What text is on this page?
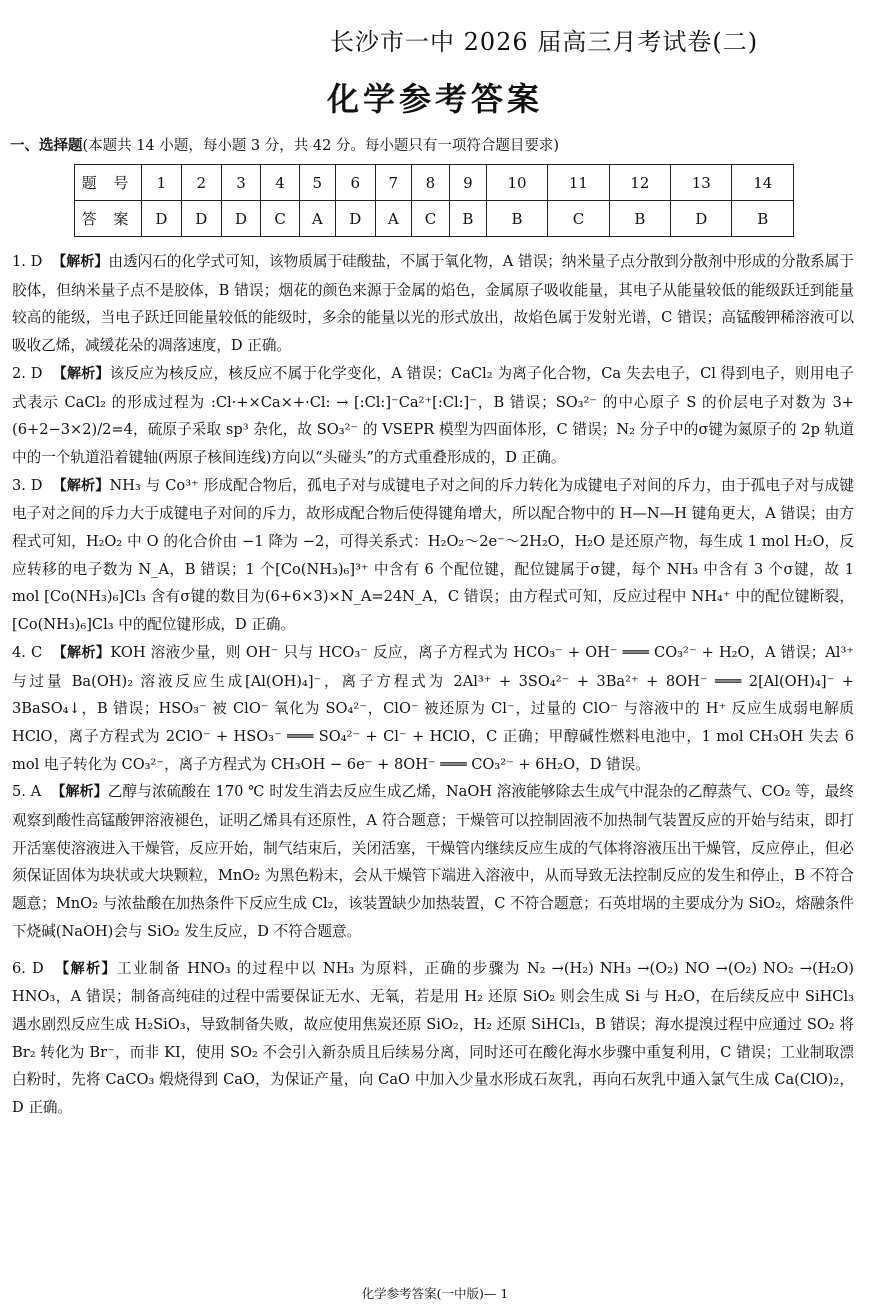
长沙市一中 2026 届高三月考试卷(二)
化学参考答案
一、选择题(本题共 14 小题，每小题 3 分，共 42 分。每小题只有一项符合题目要求)
题 号	1	2	3	4	5	6	7	8	9	10	11	12	13	14
答 案	D	D	D	C	A	D	A	C	B	B	C	B	D	B

1. D 【解析】由透闪石的化学式可知，该物质属于硅酸盐，不属于氧化物，A 错误；纳米量子点分散到分散剂中形成的分散系属于胶体，但纳米量子点不是胶体，B 错误；烟花的颜色来源于金属的焰色，金属原子吸收能量，其电子从能量较低的能级跃迁到能量较高的能级，当电子跃迁回能量较低的能级时，多余的能量以光的形式放出，故焰色属于发射光谱，C 错误；高锰酸钾稀溶液可以吸收乙烯，减缓花朵的凋落速度，D 正确。

2. D 【解析】该反应为核反应，核反应不属于化学变化，A 错误；CaCl₂ 为离子化合物，Ca 失去电子，Cl 得到电子，则用电子式表示 CaCl₂ 的形成过程为 :Cl·+×Ca×+·Cl: → [:Cl:]⁻Ca²⁺[:Cl:]⁻，B 错误；SO₃²⁻ 的中心原子 S 的价层电子对数为 3+(6+2−3×2)/2=4，硫原子采取 sp³ 杂化，故 SO₃²⁻ 的 VSEPR 模型为四面体形，C 错误；N₂ 分子中的σ键为氮原子的 2p 轨道中的一个轨道沿着键轴(两原子核间连线)方向以“头碰头”的方式重叠形成的，D 正确。

3. D 【解析】NH₃ 与 Co³⁺ 形成配合物后，孤电子对与成键电子对之间的斥力转化为成键电子对间的斥力，由于孤电子对与成键电子对之间的斥力大于成键电子对间的斥力，故形成配合物后使得键角增大，所以配合物中的 H—N—H 键角更大，A 错误；由方程式可知，H₂O₂ 中 O 的化合价由 −1 降为 −2，可得关系式：H₂O₂～2e⁻～2H₂O，H₂O 是还原产物，每生成 1 mol H₂O，反应转移的电子数为 N_A，B 错误；1 个[Co(NH₃)₆]³⁺ 中含有 6 个配位键，配位键属于σ键，每个 NH₃ 中含有 3 个σ键，故 1 mol [Co(NH₃)₆]Cl₃ 含有σ键的数目为(6+6×3)×N_A=24N_A，C 错误；由方程式可知，反应过程中 NH₄⁺ 中的配位键断裂，[Co(NH₃)₆]Cl₃ 中的配位键形成，D 正确。

4. C 【解析】KOH 溶液少量，则 OH⁻ 只与 HCO₃⁻ 反应，离子方程式为 HCO₃⁻ + OH⁻ ═══ CO₃²⁻ + H₂O，A 错误；Al³⁺ 与过量 Ba(OH)₂ 溶液反应生成[Al(OH)₄]⁻，离子方程式为 2Al³⁺ + 3SO₄²⁻ + 3Ba²⁺ + 8OH⁻ ═══ 2[Al(OH)₄]⁻ + 3BaSO₄↓，B 错误；HSO₃⁻ 被 ClO⁻ 氧化为 SO₄²⁻，ClO⁻ 被还原为 Cl⁻，过量的 ClO⁻ 与溶液中的 H⁺ 反应生成弱电解质 HClO，离子方程式为 2ClO⁻ + HSO₃⁻ ═══ SO₄²⁻ + Cl⁻ + HClO，C 正确；甲醇碱性燃料电池中，1 mol CH₃OH 失去 6 mol 电子转化为 CO₃²⁻，离子方程式为 CH₃OH − 6e⁻ + 8OH⁻ ═══ CO₃²⁻ + 6H₂O，D 错误。

5. A 【解析】乙醇与浓硫酸在 170 ℃ 时发生消去反应生成乙烯，NaOH 溶液能够除去生成气中混杂的乙醇蒸气、CO₂ 等，最终观察到酸性高锰酸钾溶液褪色，证明乙烯具有还原性，A 符合题意；干燥管可以控制固液不加热制气装置反应的开始与结束，即打开活塞使溶液进入干燥管，反应开始，制气结束后，关闭活塞，干燥管内继续反应生成的气体将溶液压出干燥管，反应停止，但必须保证固体为块状或大块颗粒，MnO₂ 为黑色粉末，会从干燥管下端进入溶液中，从而导致无法控制反应的发生和停止，B 不符合题意；MnO₂ 与浓盐酸在加热条件下反应生成 Cl₂，该装置缺少加热装置，C 不符合题意；石英坩埚的主要成分为 SiO₂，熔融条件下烧碱(NaOH)会与 SiO₂ 发生反应，D 不符合题意。

6. D 【解析】工业制备 HNO₃ 的过程中以 NH₃ 为原料，正确的步骤为 N₂ →(H₂) NH₃ →(O₂) NO →(O₂) NO₂ →(H₂O) HNO₃，A 错误；制备高纯硅的过程中需要保证无水、无氧，若是用 H₂ 还原 SiO₂ 则会生成 Si 与 H₂O，在后续反应中 SiHCl₃ 遇水剧烈反应生成 H₂SiO₃，导致制备失败，故应使用焦炭还原 SiO₂，H₂ 还原 SiHCl₃，B 错误；海水提溴过程中应通过 SO₂ 将 Br₂ 转化为 Br⁻，而非 KI，使用 SO₂ 不会引入新杂质且后续易分离，同时还可在酸化海水步骤中重复利用，C 错误；工业制取漂白粉时，先将 CaCO₃ 煅烧得到 CaO，为保证产量，向 CaO 中加入少量水形成石灰乳，再向石灰乳中通入氯气生成 Ca(ClO)₂，D 正确。

化学参考答案(一中版)— 1
